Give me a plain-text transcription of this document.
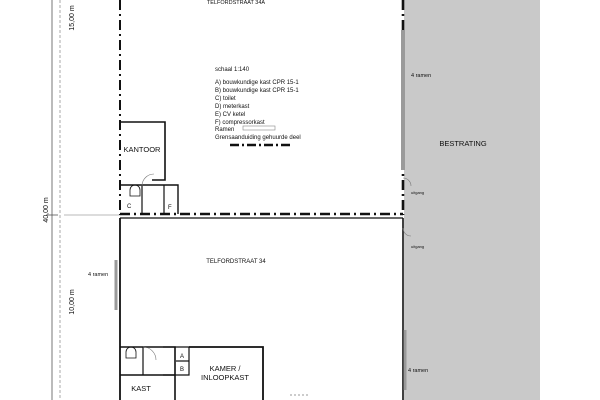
TELFORDSTRAAT 34A
schaal 1:140
A) bouwkundige kast CPR 15-1
B) bouwkundige kast CPR 15-1
C) toilet
D) meterkast
E) CV ketel
F) compressorkast
Ramen
Grensaanduiding gehuurde deel
KANTOOR
C	F
TELFORDSTRAAT 34
A
B	KAMER /
INLOOPKAST
KAST
BESTRATING
4 ramen
uitgang
uitgang
4 ramen
4 ramen
15,00 m
40,00 m
10,00 m
